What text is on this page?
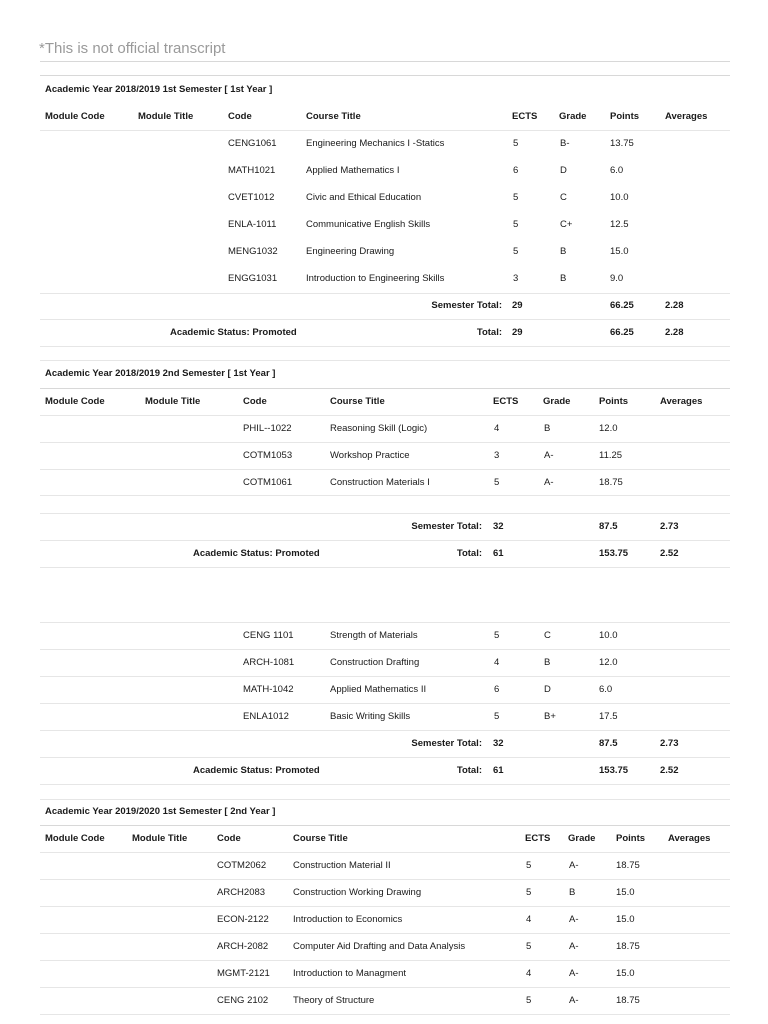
*This is not official transcript
Academic Year 2018/2019 1st Semester [ 1st Year ]
Module Code	Module Title	Code	Course Title	ECTS Grade Points	Averages
CENG1061	Engineering Mechanics I -Statics	5	B-	13.75
MATH1021	Applied Mathematics I	6	D	6.0
CVET1012	Civic and Ethical Education	5	C	10.0
ENLA-1011	Communicative English Skills	5	C+	12.5
MENG1032	Engineering Drawing	5	B	15.0
ENGG1031	Introduction to Engineering Skills	3	B	9.0
Semester Total: 29	66.25	2.28
Academic Status: Promoted	Total: 29	66.25	2.28
Academic Year 2018/2019 2nd Semester [ 1st Year ]
Module Code	Module Title	Code	Course Title	ECTS	Grade	Points	Averages
PHIL--1022	Reasoning Skill (Logic)	4	B	12.0
COTM1053	Workshop Practice	3	A-	11.25
COTM1061	Construction Materials I	5	A-	18.75
Semester Total: 32	87.5	2.73
Academic Status: Promoted	Total: 61	153.75	2.52
CENG 1101	Strength of Materials	5	C	10.0
ARCH-1081	Construction Drafting	4	B	12.0
MATH-1042	Applied Mathematics II	6	D	6.0
ENLA1012	Basic Writing Skills	5	B+	17.5
Semester Total: 32	87.5	2.73
Academic Status: Promoted	Total: 61	153.75	2.52
Academic Year 2019/2020 1st Semester [ 2nd Year ]
Module Code	Module Title	Code	Course Title	ECTS Grade Points Averages
COTM2062	Construction Material II	5	A-	18.75
ARCH2083	Construction Working Drawing	5	B	15.0
ECON-2122	Introduction to Economics	4	A-	15.0
ARCH-2082	Computer Aid Drafting and Data Analysis	5	A-	18.75
MGMT-2121 Introduction to Managment	4	A-	15.0
CENG 2102	Theory of Structure	5	A-	18.75
